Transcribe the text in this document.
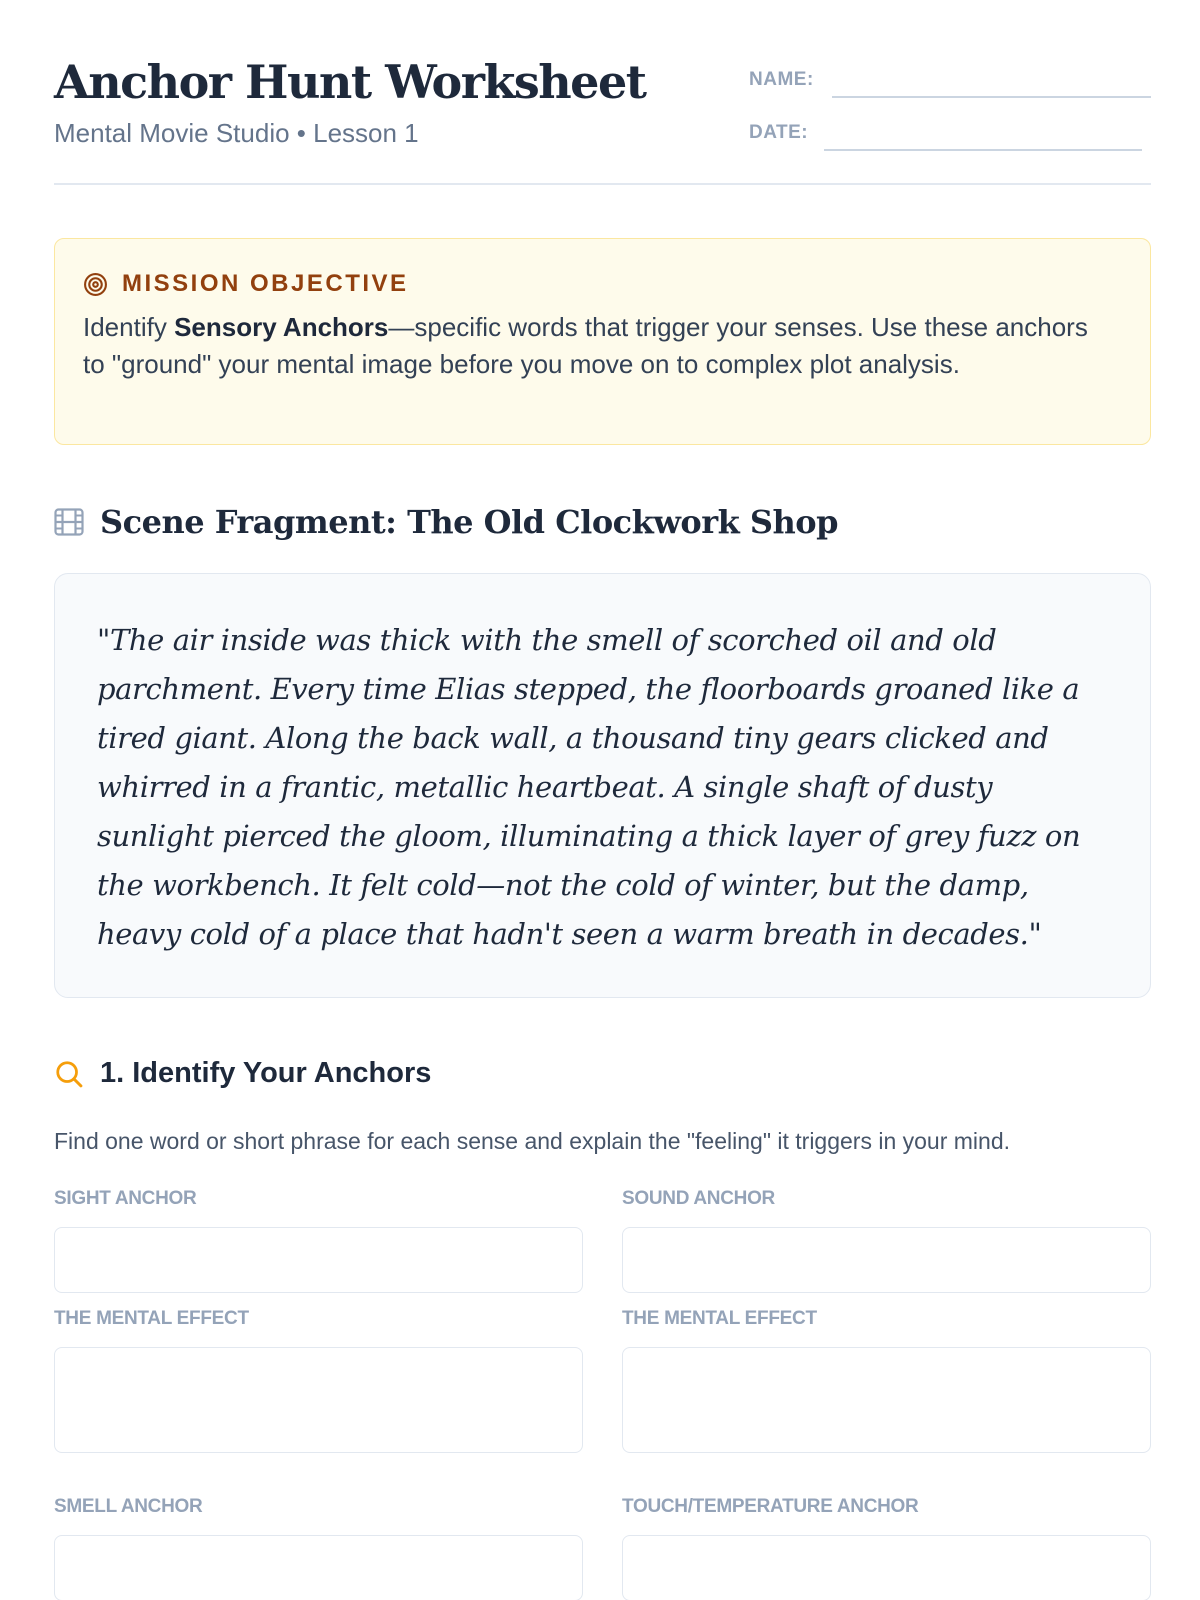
Anchor Hunt Worksheet
Mental Movie Studio • Lesson 1
NAME:
DATE:
MISSION OBJECTIVE
Identify Sensory Anchors—specific words that trigger your senses. Use these anchors to "ground" your mental image before you move on to complex plot analysis.
Scene Fragment: The Old Clockwork Shop
"The air inside was thick with the smell of scorched oil and old parchment. Every time Elias stepped, the floorboards groaned like a tired giant. Along the back wall, a thousand tiny gears clicked and whirred in a frantic, metallic heartbeat. A single shaft of dusty sunlight pierced the gloom, illuminating a thick layer of grey fuzz on the workbench. It felt cold—not the cold of winter, but the damp, heavy cold of a place that hadn't seen a warm breath in decades."
1. Identify Your Anchors
Find one word or short phrase for each sense and explain the "feeling" it triggers in your mind.
SIGHT ANCHOR
THE MENTAL EFFECT
SMELL ANCHOR
SOUND ANCHOR
THE MENTAL EFFECT
TOUCH/TEMPERATURE ANCHOR
